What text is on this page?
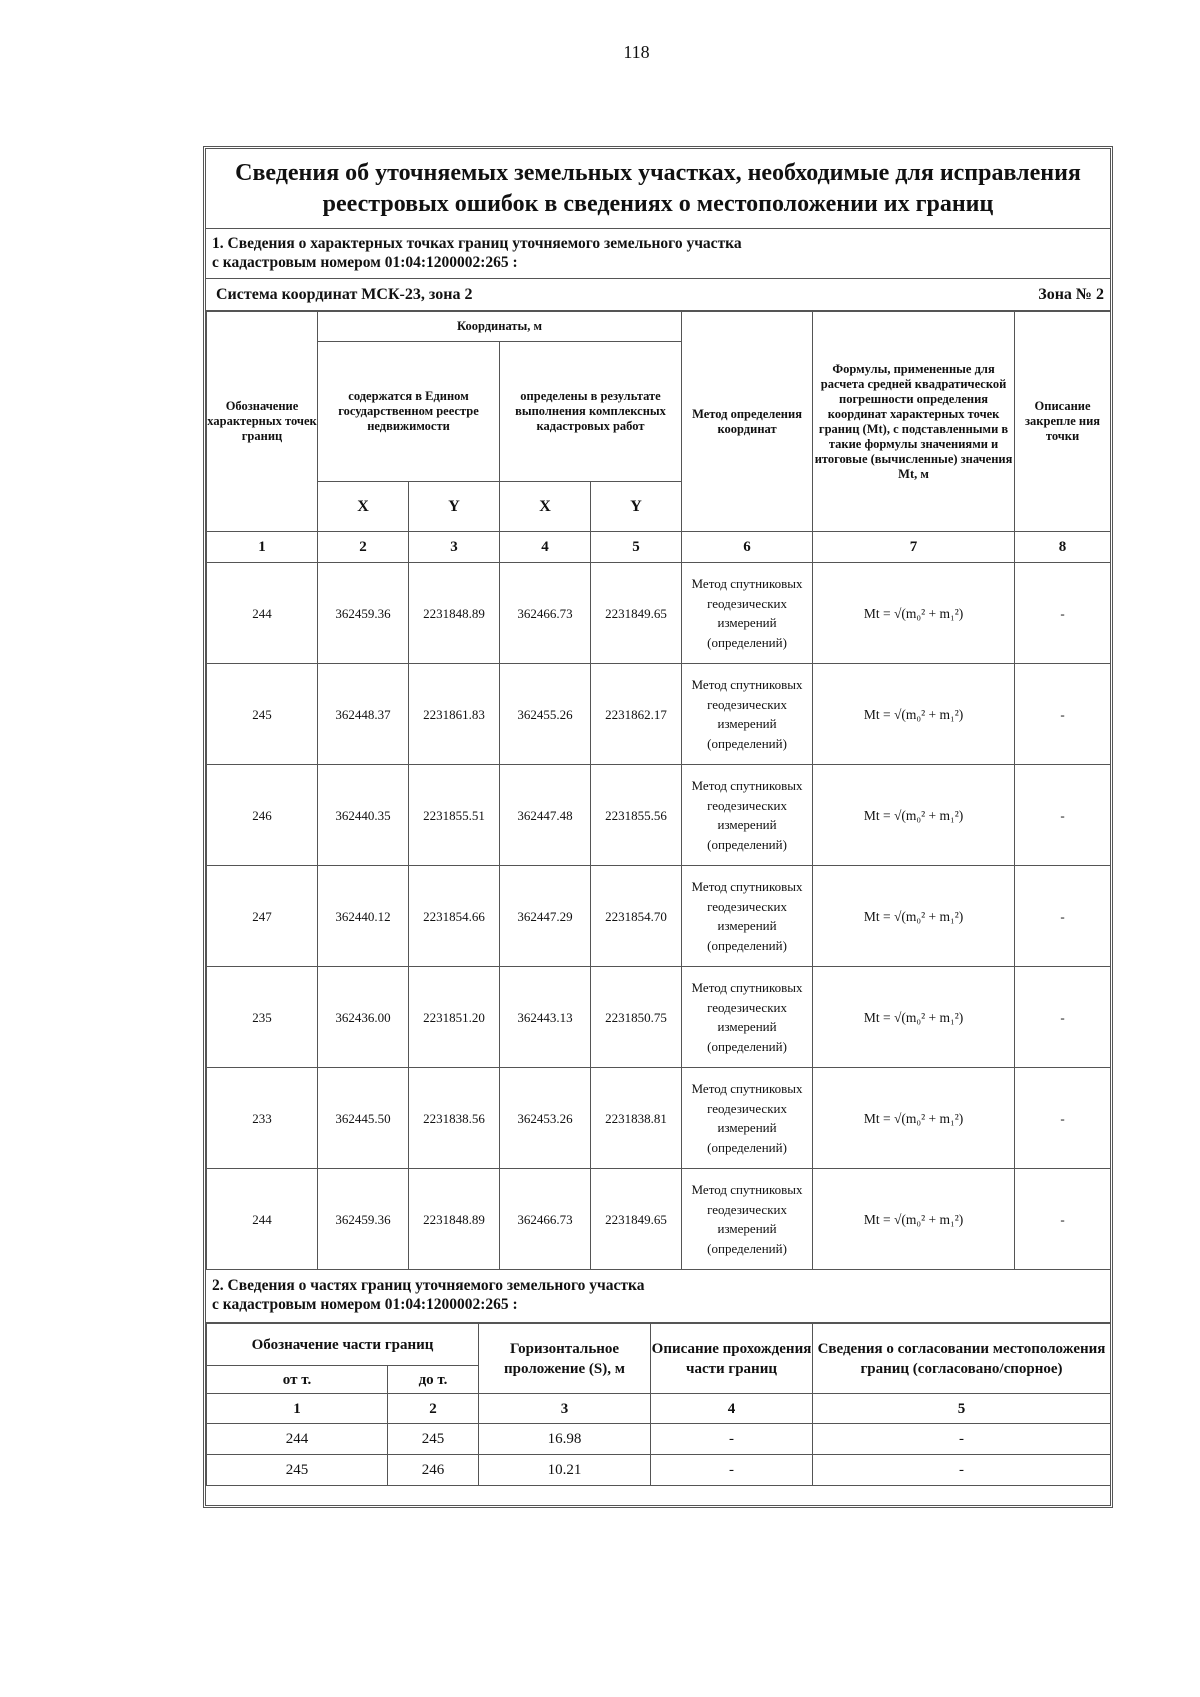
118
Сведения об уточняемых земельных участках, необходимые для исправления
реестровых ошибок в сведениях о местоположении их границ
1. Сведения о характерных точках границ уточняемого земельного участка
с кадастровым номером 01:04:1200002:265 :
Система координат МСК-23, зона 2	Зона № 2
Обозначение характерных точек границ	Координаты, м				Метод определения координат	Формулы, примененные для расчета средней квадратической погрешности определения координат характерных точек границ (Mt), с подставленными в такие формулы значениями и итоговые (вычисленные) значения Mt, м	Описание закрепле ния точки
	содержатся в Едином государственном реестре недвижимости		определены в результате выполнения комплексных кадастровых работ				
	X	Y	X	Y			
1	2	3	4	5	6	7	8
244	362459.36	2231848.89	362466.73	2231849.65	Метод спутниковых геодезических измерений (определений)	Mt = √(m₀² + m₁²)	-
245	362448.37	2231861.83	362455.26	2231862.17	Метод спутниковых геодезических измерений (определений)	Mt = √(m₀² + m₁²)	-
246	362440.35	2231855.51	362447.48	2231855.56	Метод спутниковых геодезических измерений (определений)	Mt = √(m₀² + m₁²)	-
247	362440.12	2231854.66	362447.29	2231854.70	Метод спутниковых геодезических измерений (определений)	Mt = √(m₀² + m₁²)	-
235	362436.00	2231851.20	362443.13	2231850.75	Метод спутниковых геодезических измерений (определений)	Mt = √(m₀² + m₁²)	-
233	362445.50	2231838.56	362453.26	2231838.81	Метод спутниковых геодезических измерений (определений)	Mt = √(m₀² + m₁²)	-
244	362459.36	2231848.89	362466.73	2231849.65	Метод спутниковых геодезических измерений (определений)	Mt = √(m₀² + m₁²)	-
2. Сведения о частях границ уточняемого земельного участка
с кадастровым номером 01:04:1200002:265 :
Обозначение части границ		Горизонтальное проложение (S), м	Описание прохождения части границ	Сведения о согласовании местоположения границ (согласовано/спорное)
от т.	до т.			
1	2	3	4	5
244	245	16.98	-	-
245	246	10.21	-	-
